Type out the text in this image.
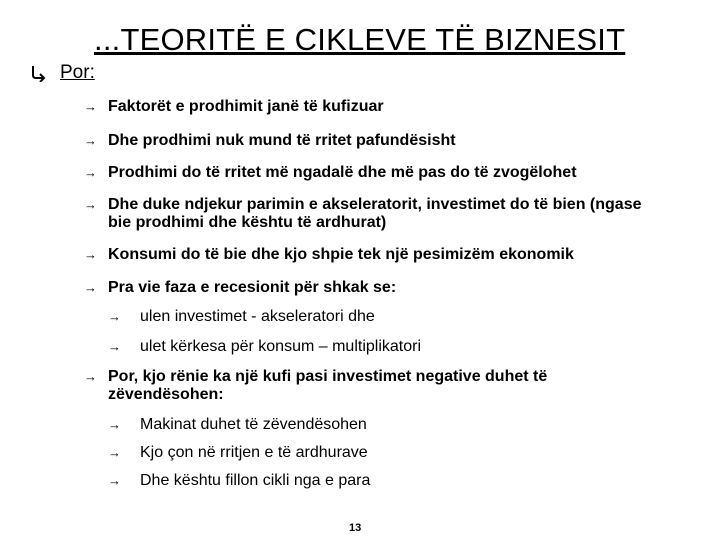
...TEORITË E CIKLEVE TË BIZNESIT
Por:
→ Faktorët e prodhimit janë të kufizuar
→ Dhe prodhimi nuk mund të rritet pafundësisht
→ Prodhimi do të rritet më ngadalë dhe më pas do të zvogëlohet
→ Dhe duke ndjekur parimin e akseleratorit, investimet do të bien (ngase bie prodhimi dhe kështu të ardhurat)
→ Konsumi do të bie dhe kjo shpie tek një pesimizëm ekonomik
→ Pra vie faza e recesionit për shkak se:
→ ulen investimet - akseleratori dhe
→ ulet kërkesa për konsum – multiplikatori
→ Por, kjo rënie ka një kufi pasi investimet negative duhet të zëvendësohen:
→ Makinat duhet të zëvendësohen
→ Kjo çon në rritjen e të ardhurave
→ Dhe kështu fillon cikli nga e para
13
